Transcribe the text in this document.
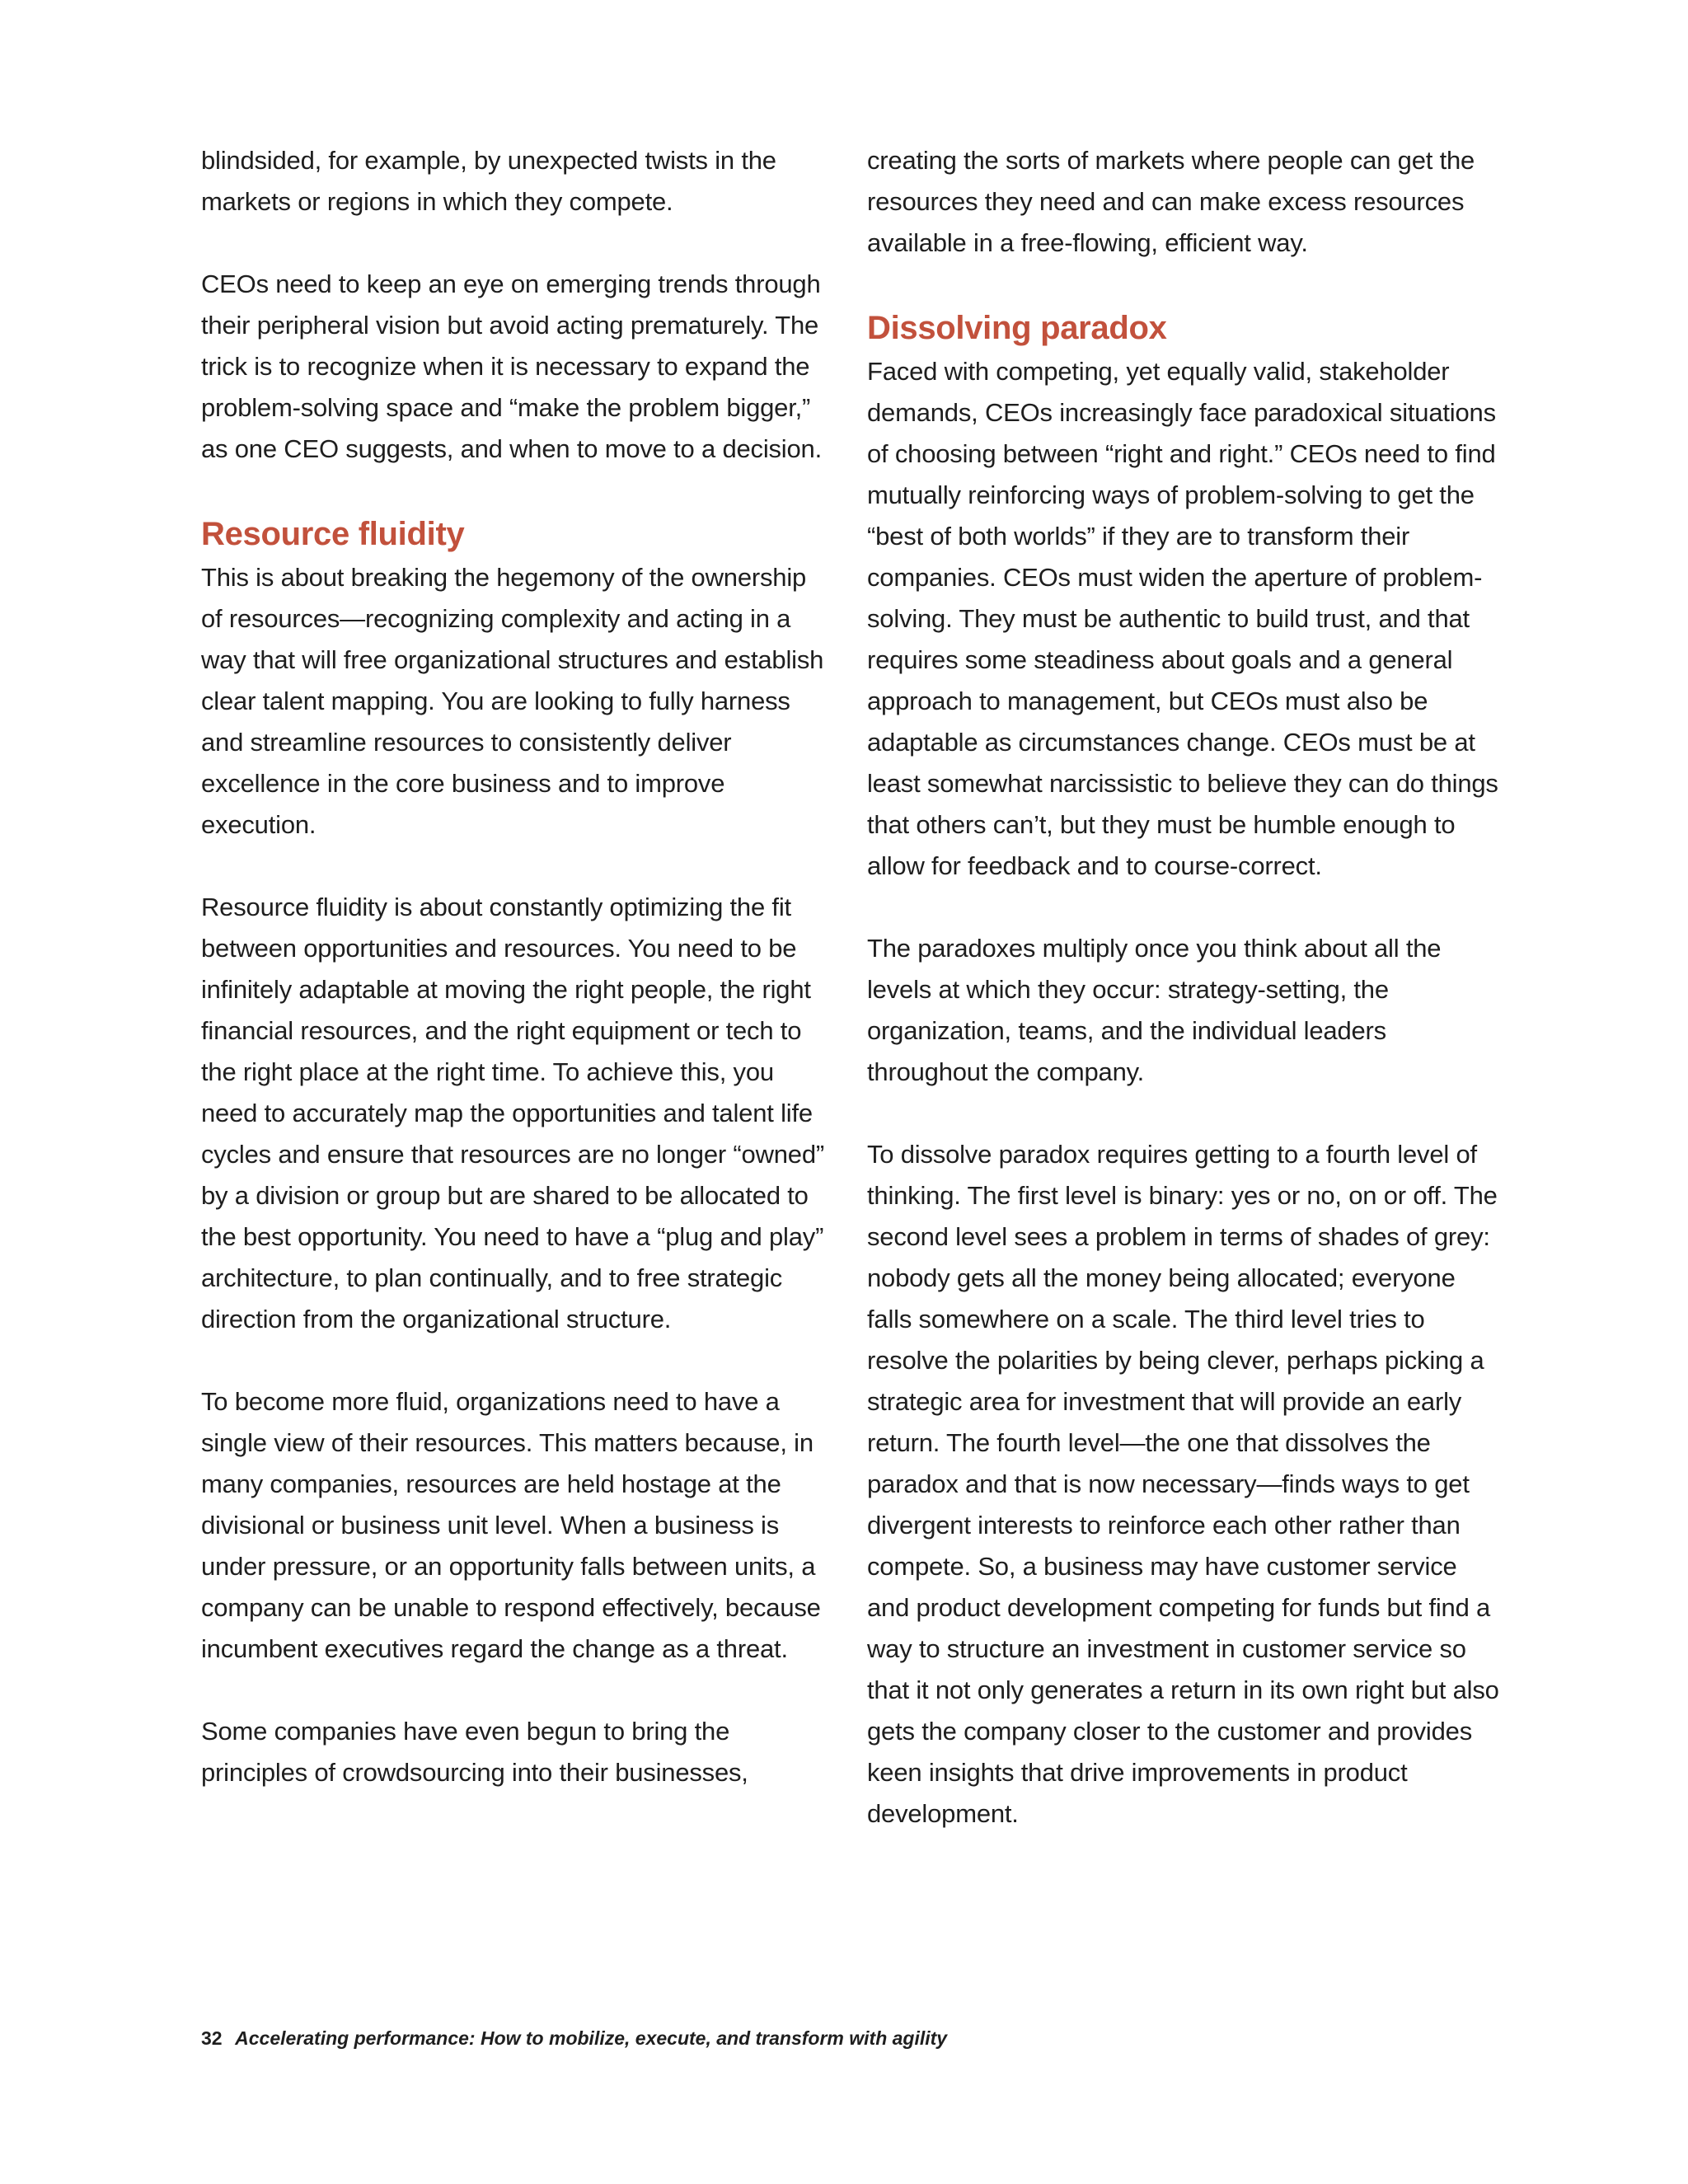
blindsided, for example, by unexpected twists in the markets or regions in which they compete.

CEOs need to keep an eye on emerging trends through their peripheral vision but avoid acting prematurely. The trick is to recognize when it is necessary to expand the problem-solving space and “make the problem bigger,” as one CEO suggests, and when to move to a decision.

Resource fluidity

This is about breaking the hegemony of the ownership of resources—recognizing complexity and acting in a way that will free organizational structures and establish clear talent mapping. You are looking to fully harness and streamline resources to consistently deliver excellence in the core business and to improve execution.

Resource fluidity is about constantly optimizing the fit between opportunities and resources. You need to be infinitely adaptable at moving the right people, the right financial resources, and the right equipment or tech to the right place at the right time. To achieve this, you need to accurately map the opportunities and talent life cycles and ensure that resources are no longer “owned” by a division or group but are shared to be allocated to the best opportunity. You need to have a “plug and play” architecture, to plan continually, and to free strategic direction from the organizational structure.

To become more fluid, organizations need to have a single view of their resources. This matters because, in many companies, resources are held hostage at the divisional or business unit level. When a business is under pressure, or an opportunity falls between units, a company can be unable to respond effectively, because incumbent executives regard the change as a threat.

Some companies have even begun to bring the principles of crowdsourcing into their businesses,

creating the sorts of markets where people can get the resources they need and can make excess resources available in a free-flowing, efficient way.

Dissolving paradox

Faced with competing, yet equally valid, stakeholder demands, CEOs increasingly face paradoxical situations of choosing between “right and right.” CEOs need to find mutually reinforcing ways of problem-solving to get the “best of both worlds” if they are to transform their companies. CEOs must widen the aperture of problem-solving. They must be authentic to build trust, and that requires some steadiness about goals and a general approach to management, but CEOs must also be adaptable as circumstances change. CEOs must be at least somewhat narcissistic to believe they can do things that others can’t, but they must be humble enough to allow for feedback and to course-correct.

The paradoxes multiply once you think about all the levels at which they occur: strategy-setting, the organization, teams, and the individual leaders throughout the company.

To dissolve paradox requires getting to a fourth level of thinking. The first level is binary: yes or no, on or off. The second level sees a problem in terms of shades of grey: nobody gets all the money being allocated; everyone falls somewhere on a scale. The third level tries to resolve the polarities by being clever, perhaps picking a strategic area for investment that will provide an early return. The fourth level—the one that dissolves the paradox and that is now necessary—finds ways to get divergent interests to reinforce each other rather than compete. So, a business may have customer service and product development competing for funds but find a way to structure an investment in customer service so that it not only generates a return in its own right but also gets the company closer to the customer and provides keen insights that drive improvements in product development.

32 Accelerating performance: How to mobilize, execute, and transform with agility
